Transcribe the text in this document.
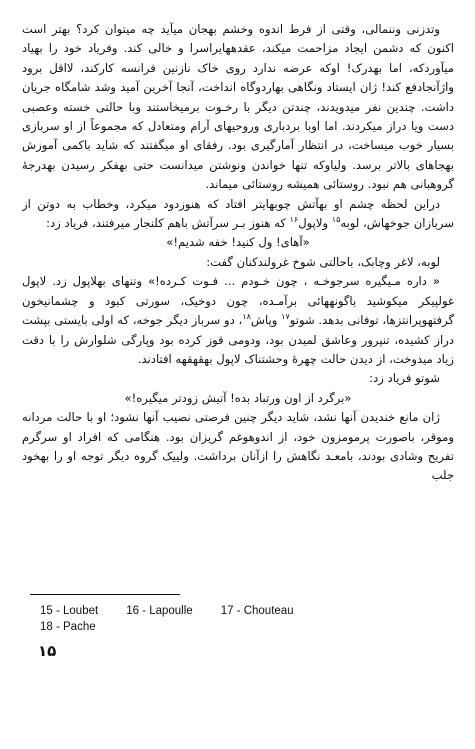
وتدزنی وننمالی، وقتی از فرط اندوه وخشم بهجان میآید چه میتوان کرد؟ بهتر است اکنون که دشمن ایجاد مزاحمت میکند، عقدههایراسرا و خالی کند. وفریاد خود را بهیاد میآوردکه، اما بهدرک! اوکه عرضه ندارد روی خاک نازنین فرانسه کارکند، لااقل برود واژآنجادفع کند! ژان ایستاد ونگاهی بهاردوگاه انداخت، آنجا آخرین آمید وشد شامگاه جریان داشت. چندین نفر میدویدند، چندتن دیگر با رخـوت برمیخاستند وبا حالتی خسته وعصبی دست ویا دراز میکردند. اما اوبا بردباری وروحیهای آرام ومتعادل که مجموعاً از او سربازی بسیار خوب میساخت، در انتظار آمارگیری بود. رفقای او میگفتند که شاید باکمی آموزش بهجاهای بالاتر برسد. ولیاوکه تنها خواندن ونوشتن میدانست حتی بهفکر رسیدن بهدرجهٔ گروهبانی هم نبود. روستائی همیشه روستائی میماند.

دراین لحظه چشم او بهآتش چوبهایتر افتاد که هنوزدود میکرد، وخطاب به دوتن از سربازان جوخهاش، لوبه$^{۱۵}$ ولاپول$^{۱۶}$ که هنوز بـر سرآتش باهم کلنجار میرفتند، فریاد زد:

«آهای! ول کنید! خفه شدیم!»

لوبه، لاغر وچابک، باحالتی شوخ غرولندکنان گفت:

« داره مـیگیره سرجوخـه ، چون خـودم ... فـوت کـرده!» وتنهای بهلاپول زد. لاپول غولپیکر میکوشید باگونههائی برآمـده، چون دوخیک، سورتی کبود و چشمانیخون گرفتهوپرانتزها، توفانی بدهد. شوتو$^{۱۷}$ وپاش$^{۱۸}$، دو سرباز دیگر جوخه، که اولی بایستی بپشت دراز کشیده، تنپرور وعاشق لمیدن بود، ودومی قوز کرده بود وپارگی شلوارش را با دقت زیاد میدوخت، از دیدن حالت چهرهٔ وحشتناک لاپول بهقهقهه افتادند.

شوتو فریاد زد:

«برگرد از اون ورتباد بده! آتیش زودتر میگیره!»

ژان مانع خندیدن آنها نشد، شاید دیگر چنین فرصتی نصیب آنها نشود؛ او با حالت مردانه وموقر، باصورت پرمومزون خود، از اندوهوغم گریزان بود. هنگامی که افراد او سرگرم تفریح وشادی بودند، بامعـد نگاهش را ازآنان برداشت. ولییک گروه دیگر توجه او را بهخود جلب

15 - Loubet 16 - Lapoulle 17 - Chouteau
18 - Pache
۱۵
